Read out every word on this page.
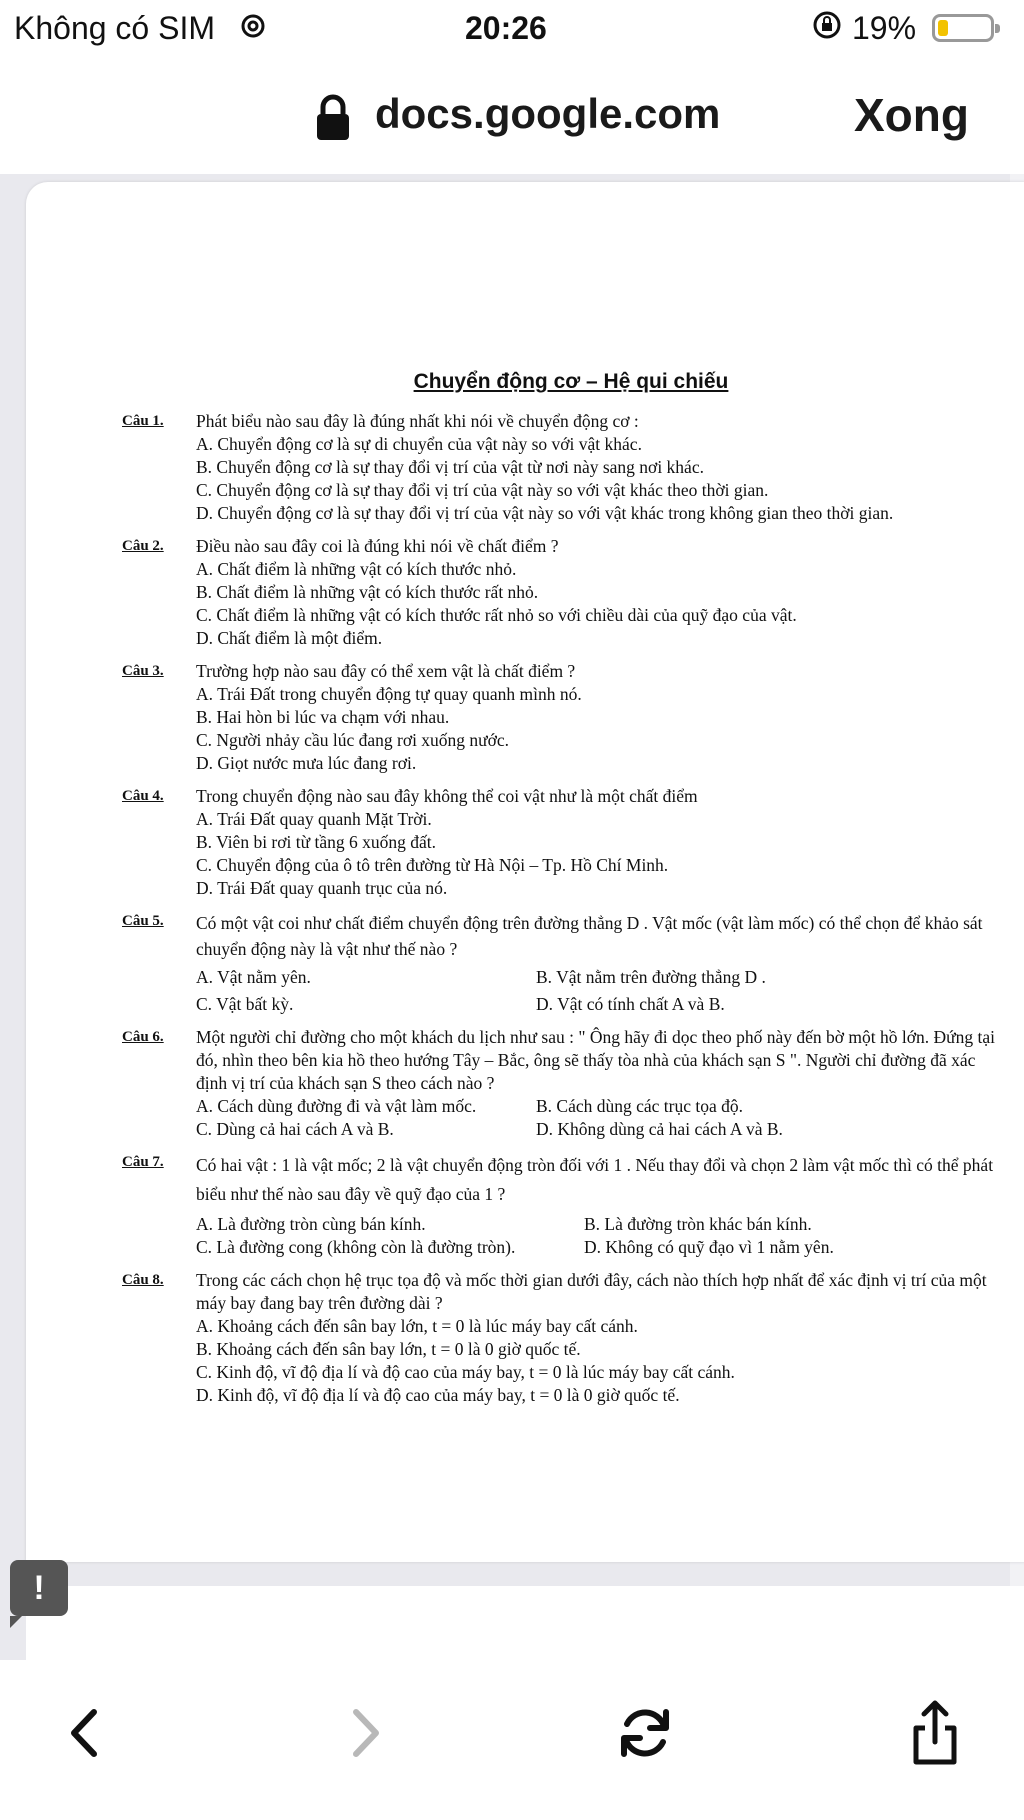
Không có SIM	20:26	19%
docs.google.com	Xong
Chuyển động cơ – Hệ qui chiếu
Câu 1. Phát biểu nào sau đây là đúng nhất khi nói về chuyển động cơ :
A. Chuyển động cơ là sự di chuyển của vật này so với vật khác.
B. Chuyển động cơ là sự thay đổi vị trí của vật từ nơi này sang nơi khác.
C. Chuyển động cơ là sự thay đổi vị trí của vật này so với vật khác theo thời gian.
D. Chuyển động cơ là sự thay đổi vị trí của vật này so với vật khác trong không gian theo thời gian.
Câu 2. Điều nào sau đây coi là đúng khi nói về chất điểm ?
A. Chất điểm là những vật có kích thước nhỏ.
B. Chất điểm là những vật có kích thước rất nhỏ.
C. Chất điểm là những vật có kích thước rất nhỏ so với chiều dài của quỹ đạo của vật.
D. Chất điểm là một điểm.
Câu 3. Trường hợp nào sau đây có thể xem vật là chất điểm ?
A. Trái Đất trong chuyển động tự quay quanh mình nó.
B. Hai hòn bi lúc va chạm với nhau.
C. Người nhảy cầu lúc đang rơi xuống nước.
D. Giọt nước mưa lúc đang rơi.
Câu 4. Trong chuyển động nào sau đây không thể coi vật như là một chất điểm
A. Trái Đất quay quanh Mặt Trời.
B. Viên bi rơi từ tầng 6 xuống đất.
C. Chuyển động của ô tô trên đường từ Hà Nội – Tp. Hồ Chí Minh.
D. Trái Đất quay quanh trục của nó.
Câu 5. Có một vật coi như chất điểm chuyển động trên đường thẳng D . Vật mốc (vật làm mốc) có thể chọn để khảo sát chuyển động này là vật như thế nào ?
A. Vật nằm yên.	B. Vật nằm trên đường thẳng D .
C. Vật bất kỳ.	D. Vật có tính chất A và B.
Câu 6. Một người chỉ đường cho một khách du lịch như sau : " Ông hãy đi dọc theo phố này đến bờ một hồ lớn. Đứng tại đó, nhìn theo bên kia hồ theo hướng Tây – Bắc, ông sẽ thấy tòa nhà của khách sạn S ". Người chỉ đường đã xác định vị trí của khách sạn S theo cách nào ?
A. Cách dùng đường đi và vật làm mốc.	B. Cách dùng các trục tọa độ.
C. Dùng cả hai cách A và B.	D. Không dùng cả hai cách A và B.
Câu 7. Có hai vật : 1 là vật mốc; 2 là vật chuyển động tròn đối với 1 . Nếu thay đổi và chọn 2 làm vật mốc thì có thể phát biểu như thế nào sau đây về quỹ đạo của 1 ?
A. Là đường tròn cùng bán kính.	B. Là đường tròn khác bán kính.
C. Là đường cong (không còn là đường tròn).	D. Không có quỹ đạo vì 1 nằm yên.
Câu 8. Trong các cách chọn hệ trục tọa độ và mốc thời gian dưới đây, cách nào thích hợp nhất để xác định vị trí của một máy bay đang bay trên đường dài ?
A. Khoảng cách đến sân bay lớn, t = 0 là lúc máy bay cất cánh.
B. Khoảng cách đến sân bay lớn, t = 0 là 0 giờ quốc tế.
C. Kinh độ, vĩ độ địa lí và độ cao của máy bay, t = 0 là lúc máy bay cất cánh.
D. Kinh độ, vĩ độ địa lí và độ cao của máy bay, t = 0 là 0 giờ quốc tế.
!
